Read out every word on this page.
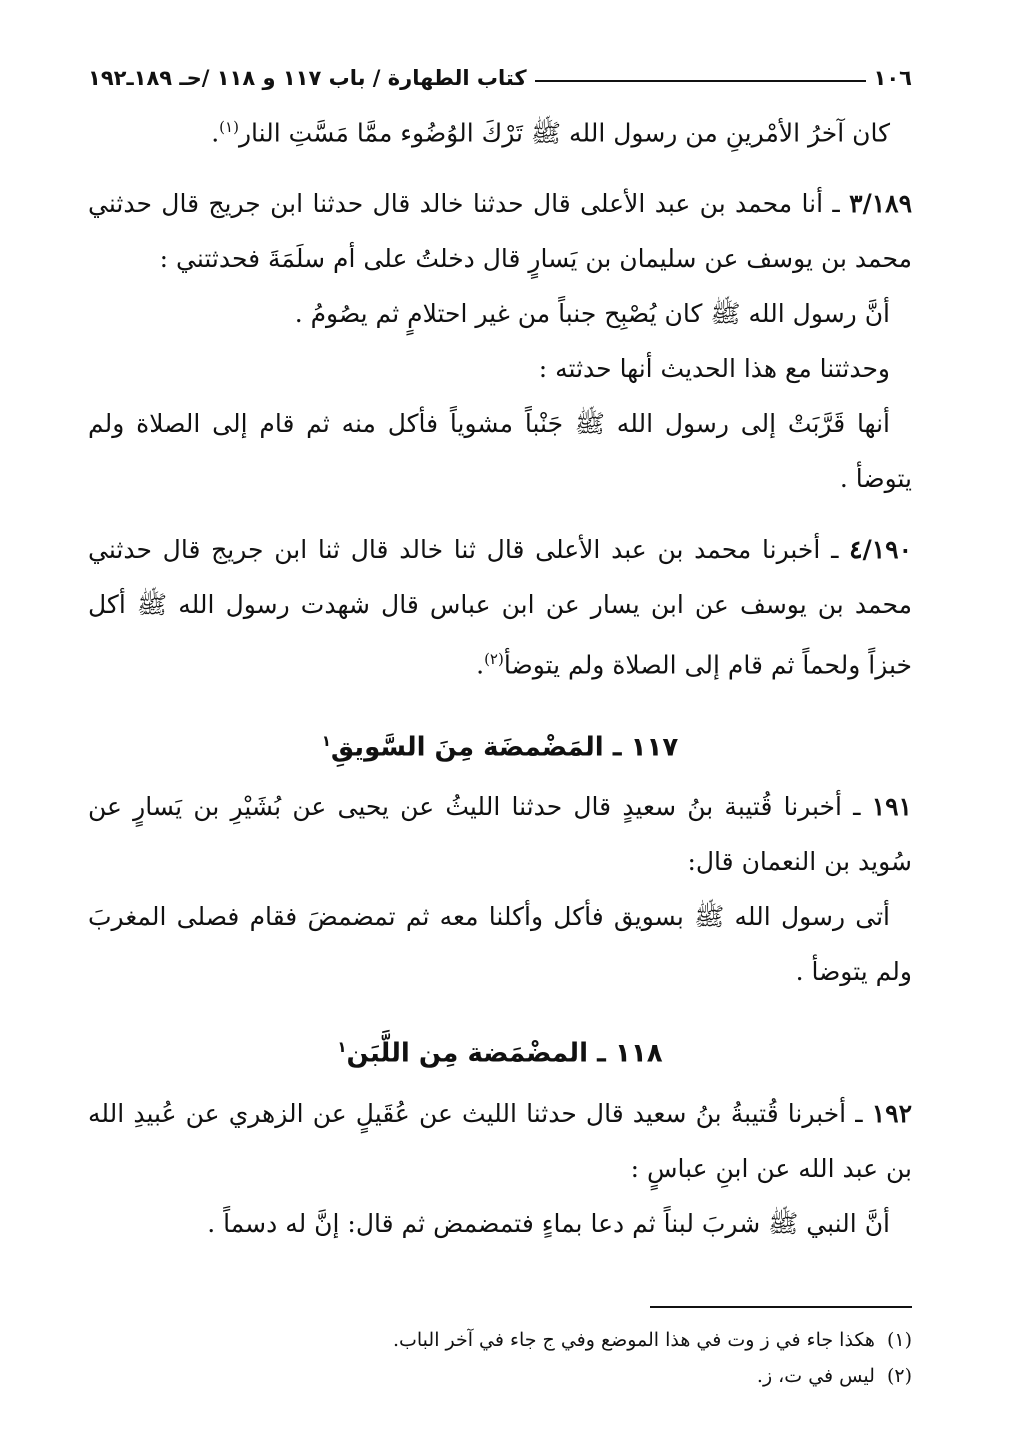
١٠٦
كتاب الطهارة / باب ١١٧ و ١١٨ /حـ ١٨٩ـ١٩٢

كان آخرُ الأمْرينِ من رسول الله ﷺ تَرْكَ الوُضُوء ممَّا مَسَّتِ النار$^{(١)}$.

٣/١٨٩ ـ أنا محمد بن عبد الأعلى قال حدثنا خالد قال حدثنا ابن جريج قال حدثني محمد بن يوسف عن سليمان بن يَسارٍ قال دخلتُ على أم سلَمَةَ فحدثتني :

أنَّ رسول الله ﷺ كان يُصْبِح جنباً من غير احتلامٍ ثم يصُومُ .

وحدثتنا مع هذا الحديث أنها حدثته :

أنها قَرَّبَتْ إلى رسول الله ﷺ جَنْباً مشوياً فأكل منه ثم قام إلى الصلاة ولم يتوضأ .

٤/١٩٠ ـ أخبرنا محمد بن عبد الأعلى قال ثنا خالد قال ثنا ابن جريج قال حدثني محمد بن يوسف عن ابن يسار عن ابن عباس قال شهدت رسول الله ﷺ أكل خبزاً ولحماً ثم قام إلى الصلاة ولم يتوضأ$^{(٢)}$.

١١٧ ـ المَضْمضَة مِنَ السَّويقِ$^١$

١٩١ ـ أخبرنا قُتيبة بنُ سعيدٍ قال حدثنا الليثُ عن يحيى عن بُشَيْرِ بن يَسارٍ عن سُويد بن النعمان قال:

أتى رسول الله ﷺ بسويق فأكل وأكلنا معه ثم تمضمضَ فقام فصلى المغربَ ولم يتوضأ .

١١٨ ـ المضْمَضة مِن اللَّبَن$^١$

١٩٢ ـ أخبرنا قُتيبةُ بنُ سعيد قال حدثنا الليث عن عُقَيلٍ عن الزهري عن عُبيدِ الله بن عبد الله عن ابنِ عباسٍ :

أنَّ النبي ﷺ شربَ لبناً ثم دعا بماءٍ فتمضمض ثم قال: إنَّ له دسماً .

(١)هكذا جاء في ز وت في هذا الموضع وفي ج جاء في آخر الباب.
(٢)ليس في ت، ز.
